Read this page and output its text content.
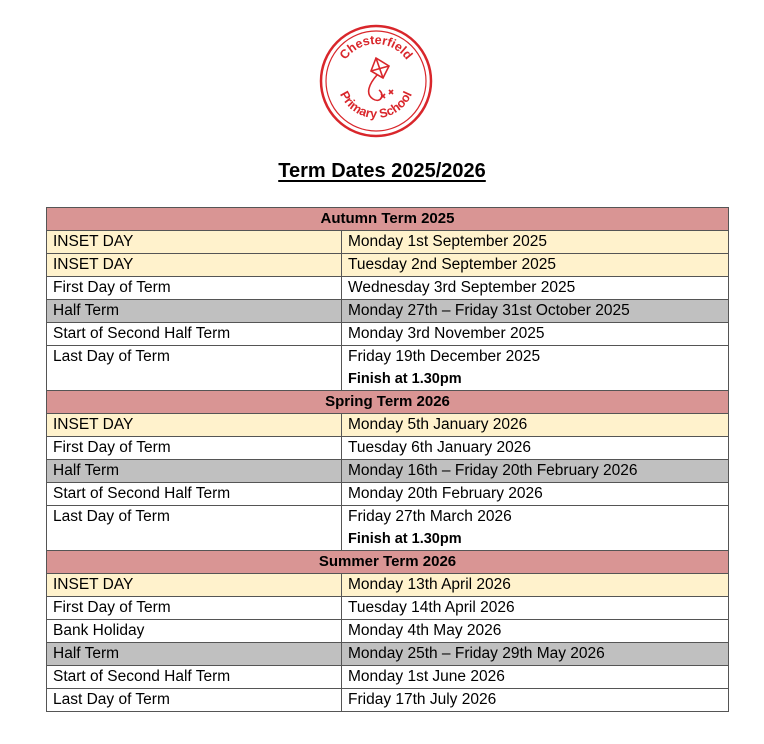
Chesterfield
Primary School
Term Dates 2025/2026
Autumn Term 2025	
INSET DAY	Monday 1st September 2025
INSET DAY	Tuesday 2nd September 2025
First Day of Term	Wednesday 3rd September 2025
Half Term	Monday 27th – Friday 31st October 2025
Start of Second Half Term	Monday 3rd November 2025
Last Day of Term	Friday 19th December 2025
Finish at 1.30pm

Spring Term 2026	
INSET DAY	Monday 5th January 2026
First Day of Term	Tuesday 6th January 2026
Half Term	Monday 16th – Friday 20th February 2026
Start of Second Half Term	Monday 20th February 2026
Last Day of Term	Friday 27th March 2026
Finish at 1.30pm

Summer Term 2026	
INSET DAY	Monday 13th April 2026
First Day of Term	Tuesday 14th April 2026
Bank Holiday	Monday 4th May 2026
Half Term	Monday 25th – Friday 29th May 2026
Start of Second Half Term	Monday 1st June 2026
Last Day of Term	Friday 17th July 2026
